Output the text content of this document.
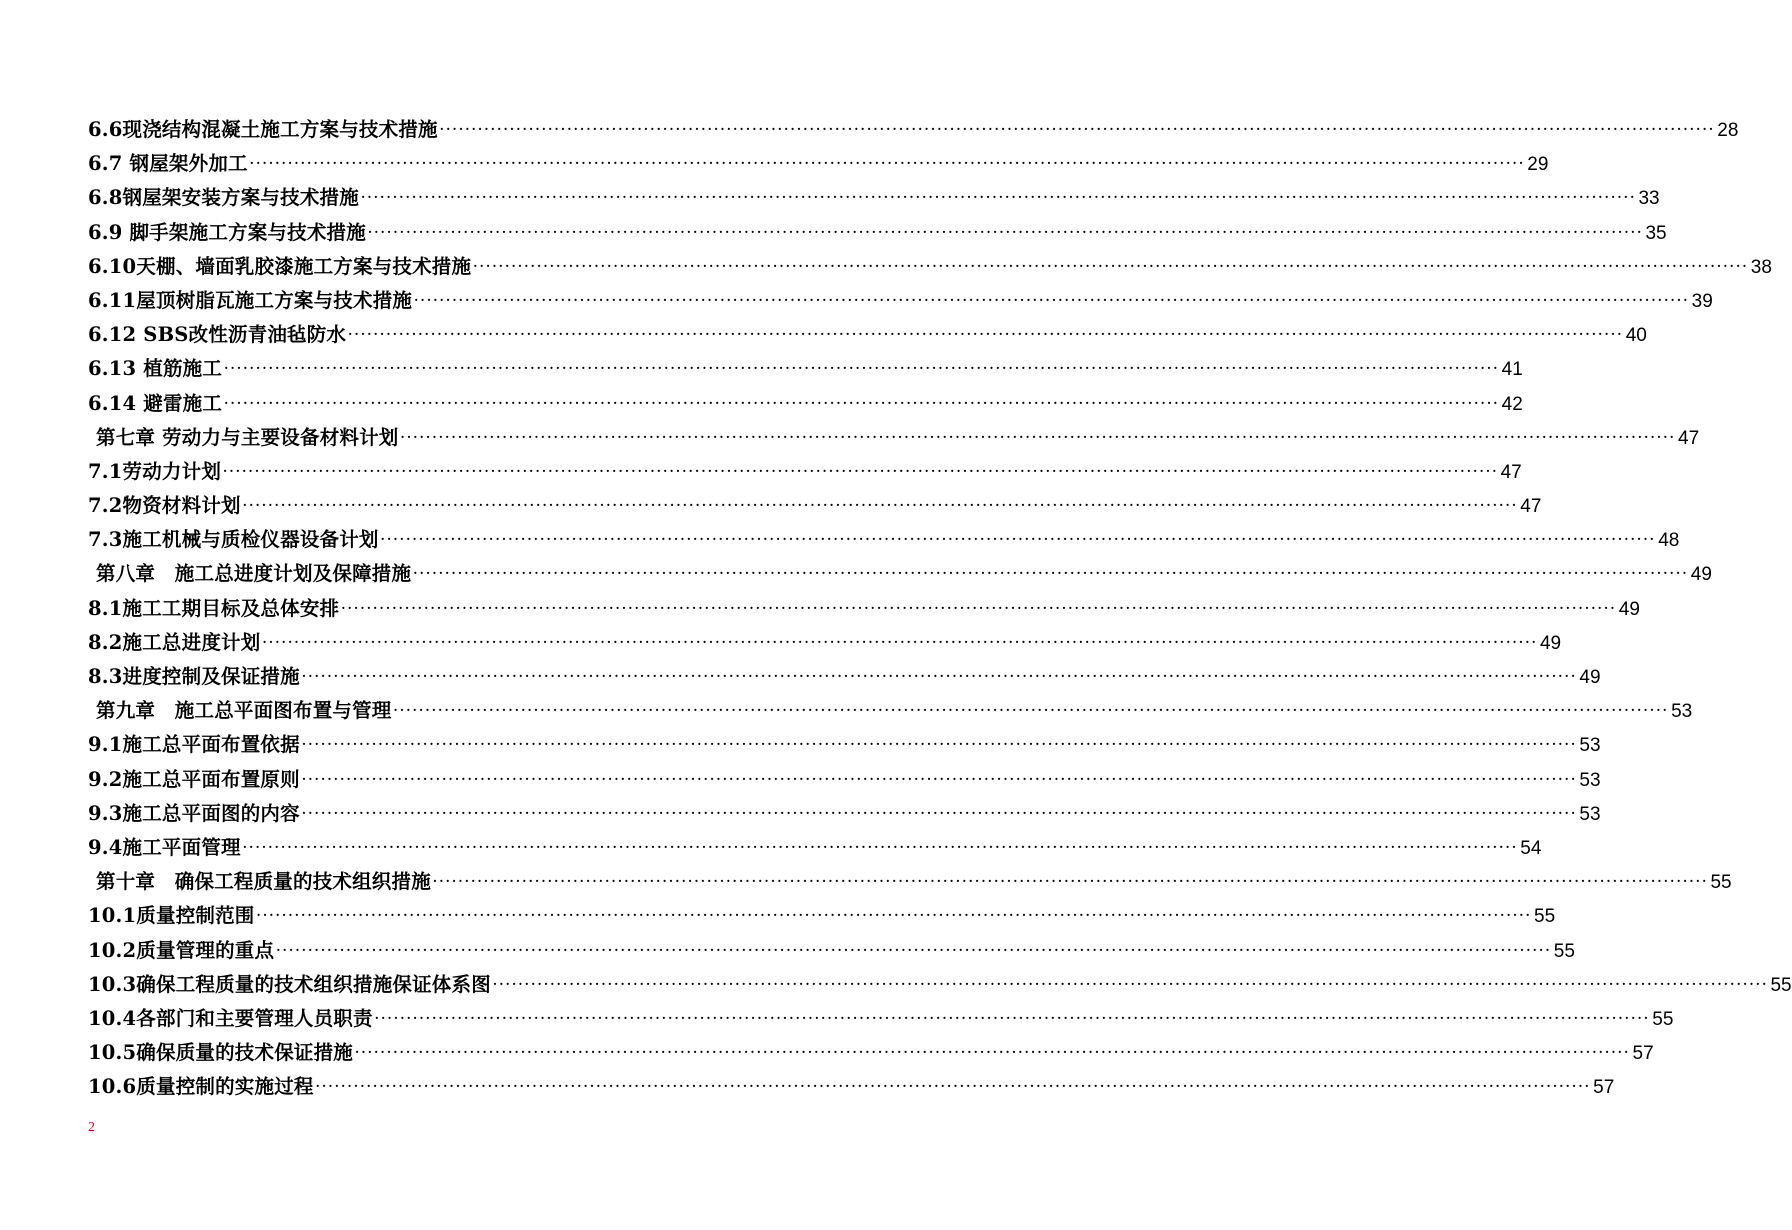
6.6现浇结构混凝土施工方案与技术措施 ········································································································································································································ 28
6.7 钢屋架外加工 ········································································································································································································ 29
6.8钢屋架安装方案与技术措施 ········································································································································································································ 33
6.9 脚手架施工方案与技术措施 ········································································································································································································ 35
6.10天棚、墙面乳胶漆施工方案与技术措施 ········································································································································································································ 38
6.11屋顶树脂瓦施工方案与技术措施 ········································································································································································································ 39
6.12 SBS改性沥青油毡防水 ········································································································································································································ 40
6.13 植筋施工 ········································································································································································································ 41
6.14 避雷施工 ········································································································································································································ 42
第七章 劳动力与主要设备材料计划 ········································································································································································································ 47
7.1劳动力计划 ········································································································································································································ 47
7.2物资材料计划 ········································································································································································································ 47
7.3施工机械与质检仪器设备计划 ········································································································································································································ 48
第八章　施工总进度计划及保障措施 ········································································································································································································ 49
8.1施工工期目标及总体安排 ········································································································································································································ 49
8.2施工总进度计划 ········································································································································································································ 49
8.3进度控制及保证措施 ········································································································································································································ 49
第九章　施工总平面图布置与管理 ········································································································································································································ 53
9.1施工总平面布置依据 ········································································································································································································ 53
9.2施工总平面布置原则 ········································································································································································································ 53
9.3施工总平面图的内容 ········································································································································································································ 53
9.4施工平面管理 ········································································································································································································ 54
第十章　确保工程质量的技术组织措施 ········································································································································································································ 55
10.1质量控制范围 ········································································································································································································ 55
10.2质量管理的重点 ········································································································································································································ 55
10.3确保工程质量的技术组织措施保证体系图 ········································································································································································································ 55
10.4各部门和主要管理人员职责 ········································································································································································································ 55
10.5确保质量的技术保证措施 ········································································································································································································ 57
10.6质量控制的实施过程 ········································································································································································································ 57
2
